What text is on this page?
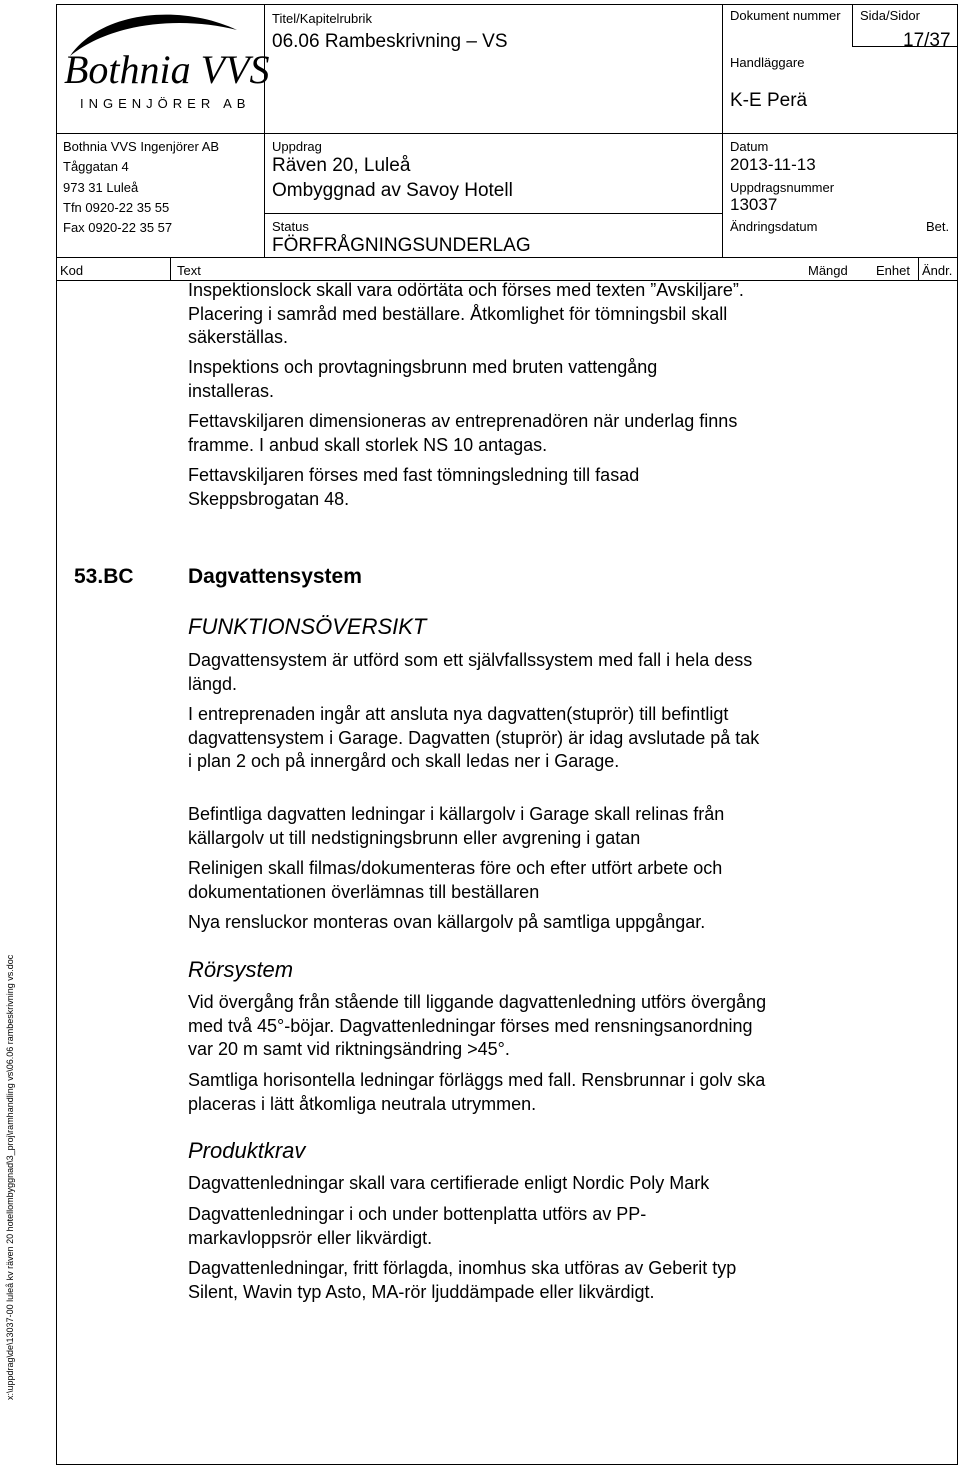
Bothnia VVS
INGENJÖRER AB
Bothnia VVS Ingenjörer AB
Tåggatan 4
973 31 Luleå
Tfn 0920-22 35 55
Fax 0920-22 35 57
Titel/Kapitelrubrik
06.06 Rambeskrivning – VS
Dokument nummer Sida/Sidor
17/37
Handläggare
K-E Perä
Uppdrag
Räven 20, Luleå
Ombyggnad av Savoy Hotell
Datum
2013-11-13
Uppdragsnummer
13037
Status
FÖRFRÅGNINGSUNDERLAG
Ändringsdatum	Bet.
Kod	Text	Mängd Enhet Ändr.
Inspektionslock skall vara odörtäta och förses med texten ”Avskiljare”. Placering i samråd med beställare. Åtkomlighet för tömningsbil skall säkerställas.
Inspektions och provtagningsbrunn med bruten vattengång installeras.
Fettavskiljaren dimensioneras av entreprenadören när underlag finns framme. I anbud skall storlek NS 10 antagas.
Fettavskiljaren förses med fast tömningsledning till fasad Skeppsbrogatan 48.
53.BC	Dagvattensystem
FUNKTIONSÖVERSIKT
Dagvattensystem är utförd som ett självfallssystem med fall i hela dess längd.
I entreprenaden ingår att ansluta nya dagvatten(stuprör) till befintligt dagvattensystem i Garage. Dagvatten (stuprör) är idag avslutade på tak i plan 2 och på innergård och skall ledas ner i Garage.
Befintliga dagvatten ledningar i källargolv i Garage skall relinas från källargolv ut till nedstigningsbrunn eller avgrening i gatan
Relinigen skall filmas/dokumenteras före och efter utfört arbete och dokumentationen överlämnas till beställaren
Nya rensluckor monteras ovan källargolv på samtliga uppgångar.
Rörsystem
Vid övergång från stående till liggande dagvattenledning utförs övergång med två 45°-böjar. Dagvattenledningar förses med rensningsanordning var 20 m samt vid riktningsändring >45°.
Samtliga horisontella ledningar förläggs med fall. Rensbrunnar i golv ska placeras i lätt åtkomliga neutrala utrymmen.
Produktkrav
Dagvattenledningar skall vara certifierade enligt Nordic Poly Mark
Dagvattenledningar i och under bottenplatta utförs av PP-markavloppsrör eller likvärdigt.
Dagvattenledningar, fritt förlagda, inomhus ska utföras av Geberit typ Silent, Wavin typ Asto, MA-rör ljuddämpade eller likvärdigt.
x:\uppdrag\de\13037-00 luleå kv räven 20 hotellombyggnad\3_proj\ramhandling vs\06.06 rambeskrivning vs.doc
